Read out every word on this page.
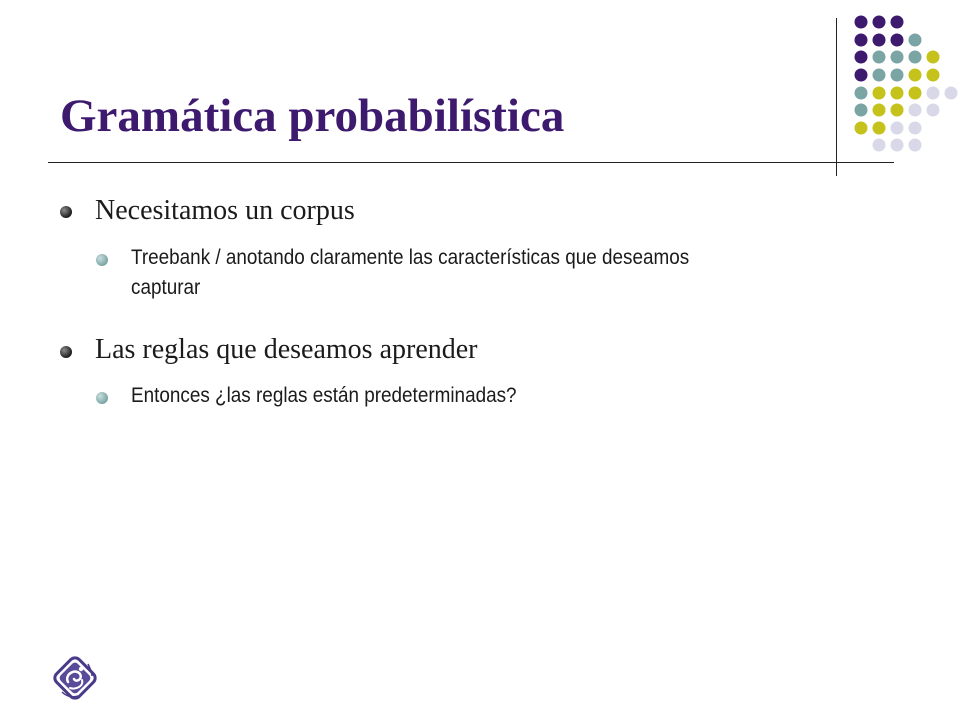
Gramática probabilística
Necesitamos un corpus
Treebank / anotando claramente las características que deseamos capturar
Las reglas que deseamos aprender
Entonces ¿las reglas están predeterminadas?
